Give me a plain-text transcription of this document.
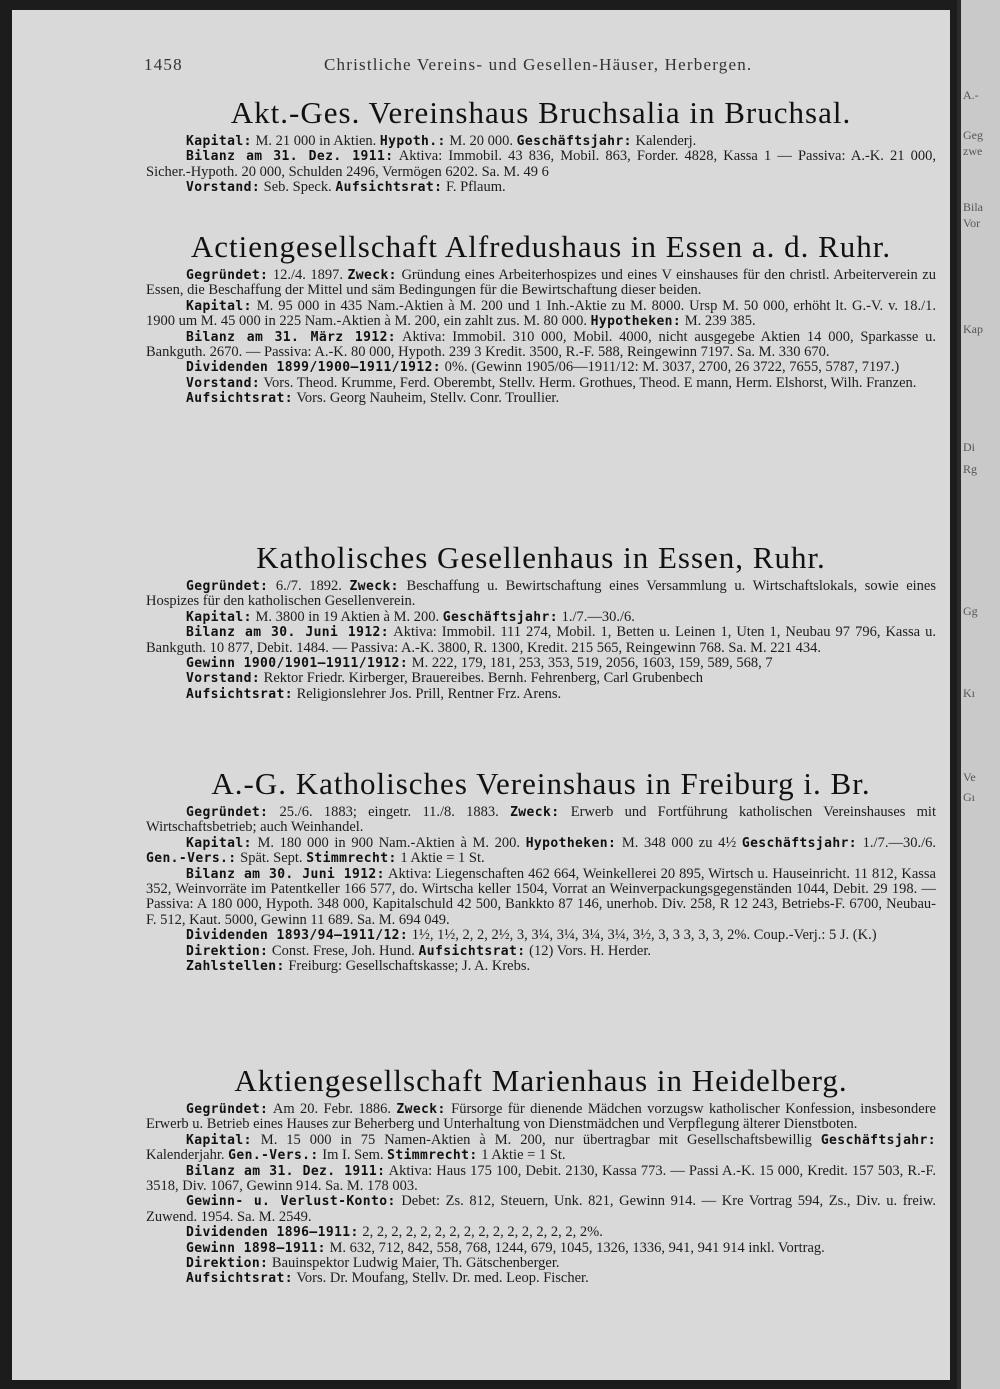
1458	Christliche Vereins- und Gesellen-Häuser, Herbergen.
Akt.-Ges. Vereinshaus Bruchsalia in Bruchsal.

Kapital: M. 21 000 in Aktien. Hypoth.: M. 20 000. Geschäftsjahr: Kalenderj.

Bilanz am 31. Dez. 1911: Aktiva: Immobil. 43 836, Mobil. 863, Forder. 4828, Kassa 1 — Passiva: A.-K. 21 000, Sicher.-Hypoth. 20 000, Schulden 2496, Vermögen 6202. Sa. M. 49 6

Vorstand: Seb. Speck. Aufsichtsrat: F. Pflaum.

Actiengesellschaft Alfredushaus in Essen a. d. Ruhr.

Gegründet: 12./4. 1897. Zweck: Gründung eines Arbeiterhospizes und eines V einshauses für den christl. Arbeiterverein zu Essen, die Beschaffung der Mittel und säm Bedingungen für die Bewirtschaftung dieser beiden.

Kapital: M. 95 000 in 435 Nam.-Aktien à M. 200 und 1 Inh.-Aktie zu M. 8000. Ursp M. 50 000, erhöht lt. G.-V. v. 18./1. 1900 um M. 45 000 in 225 Nam.-Aktien à M. 200, ein zahlt zus. M. 80 000. Hypotheken: M. 239 385.

Bilanz am 31. März 1912: Aktiva: Immobil. 310 000, Mobil. 4000, nicht ausgegebe Aktien 14 000, Sparkasse u. Bankguth. 2670. — Passiva: A.-K. 80 000, Hypoth. 239 3 Kredit. 3500, R.-F. 588, Reingewinn 7197. Sa. M. 330 670.

Dividenden 1899/1900—1911/1912: 0%. (Gewinn 1905/06—1911/12: M. 3037, 2700, 26 3722, 7655, 5787, 7197.)

Vorstand: Vors. Theod. Krumme, Ferd. Oberembt, Stellv. Herm. Grothues, Theod. E mann, Herm. Elshorst, Wilh. Franzen.

Aufsichtsrat: Vors. Georg Nauheim, Stellv. Conr. Troullier.

Katholisches Gesellenhaus in Essen, Ruhr.

Gegründet: 6./7. 1892. Zweck: Beschaffung u. Bewirtschaftung eines Versammlung u. Wirtschaftslokals, sowie eines Hospizes für den katholischen Gesellenverein.

Kapital: M. 3800 in 19 Aktien à M. 200. Geschäftsjahr: 1./7.—30./6.

Bilanz am 30. Juni 1912: Aktiva: Immobil. 111 274, Mobil. 1, Betten u. Leinen 1, Uten 1, Neubau 97 796, Kassa u. Bankguth. 10 877, Debit. 1484. — Passiva: A.-K. 3800, R. 1300, Kredit. 215 565, Reingewinn 768. Sa. M. 221 434.

Gewinn 1900/1901—1911/1912: M. 222, 179, 181, 253, 353, 519, 2056, 1603, 159, 589, 568, 7

Vorstand: Rektor Friedr. Kirberger, Brauereibes. Bernh. Fehrenberg, Carl Grubenbech

Aufsichtsrat: Religionslehrer Jos. Prill, Rentner Frz. Arens.

A.-G. Katholisches Vereinshaus in Freiburg i. Br.

Gegründet: 25./6. 1883; eingetr. 11./8. 1883. Zweck: Erwerb und Fortführung katholischen Vereinshauses mit Wirtschaftsbetrieb; auch Weinhandel.

Kapital: M. 180 000 in 900 Nam.-Aktien à M. 200. Hypotheken: M. 348 000 zu 4½ Geschäftsjahr: 1./7.—30./6. Gen.-Vers.: Spät. Sept. Stimmrecht: 1 Aktie = 1 St.

Bilanz am 30. Juni 1912: Aktiva: Liegenschaften 462 664, Weinkellerei 20 895, Wirtsch u. Hauseinricht. 11 812, Kassa 352, Weinvorräte im Patentkeller 166 577, do. Wirtscha keller 1504, Vorrat an Weinverpackungsgegenständen 1044, Debit. 29 198. — Passiva: A 180 000, Hypoth. 348 000, Kapitalschuld 42 500, Bankkto 87 146, unerhob. Div. 258, R 12 243, Betriebs-F. 6700, Neubau-F. 512, Kaut. 5000, Gewinn 11 689. Sa. M. 694 049.

Dividenden 1893/94—1911/12: 1½, 1½, 2, 2, 2½, 3, 3¼, 3¼, 3¼, 3¼, 3½, 3, 3 3, 3, 3, 2%. Coup.-Verj.: 5 J. (K.)

Direktion: Const. Frese, Joh. Hund. Aufsichtsrat: (12) Vors. H. Herder.

Zahlstellen: Freiburg: Gesellschaftskasse; J. A. Krebs.

Aktiengesellschaft Marienhaus in Heidelberg.

Gegründet: Am 20. Febr. 1886. Zweck: Fürsorge für dienende Mädchen vorzugsw katholischer Konfession, insbesondere Erwerb u. Betrieb eines Hauses zur Beherberg und Unterhaltung von Dienstmädchen und Verpflegung älterer Dienstboten.

Kapital: M. 15 000 in 75 Namen-Aktien à M. 200, nur übertragbar mit Gesellschaftsbewillig Geschäftsjahr: Kalenderjahr. Gen.-Vers.: Im I. Sem. Stimmrecht: 1 Aktie = 1 St.

Bilanz am 31. Dez. 1911: Aktiva: Haus 175 100, Debit. 2130, Kassa 773. — Passi A.-K. 15 000, Kredit. 157 503, R.-F. 3518, Div. 1067, Gewinn 914. Sa. M. 178 003.

Gewinn- u. Verlust-Konto: Debet: Zs. 812, Steuern, Unk. 821, Gewinn 914. — Kre Vortrag 594, Zs., Div. u. freiw. Zuwend. 1954. Sa. M. 2549.

Dividenden 1896—1911: 2, 2, 2, 2, 2, 2, 2, 2, 2, 2, 2, 2, 2, 2, 2, 2%.

Gewinn 1898—1911: M. 632, 712, 842, 558, 768, 1244, 679, 1045, 1326, 1336, 941, 941 914 inkl. Vortrag.

Direktion: Bauinspektor Ludwig Maier, Th. Gätschenberger.

Aufsichtsrat: Vors. Dr. Moufang, Stellv. Dr. med. Leop. Fischer.

A.-
Geg
zwe
Bila
Vor
Kap
Di
Rg
Gg
Kı
Ve
Gı
